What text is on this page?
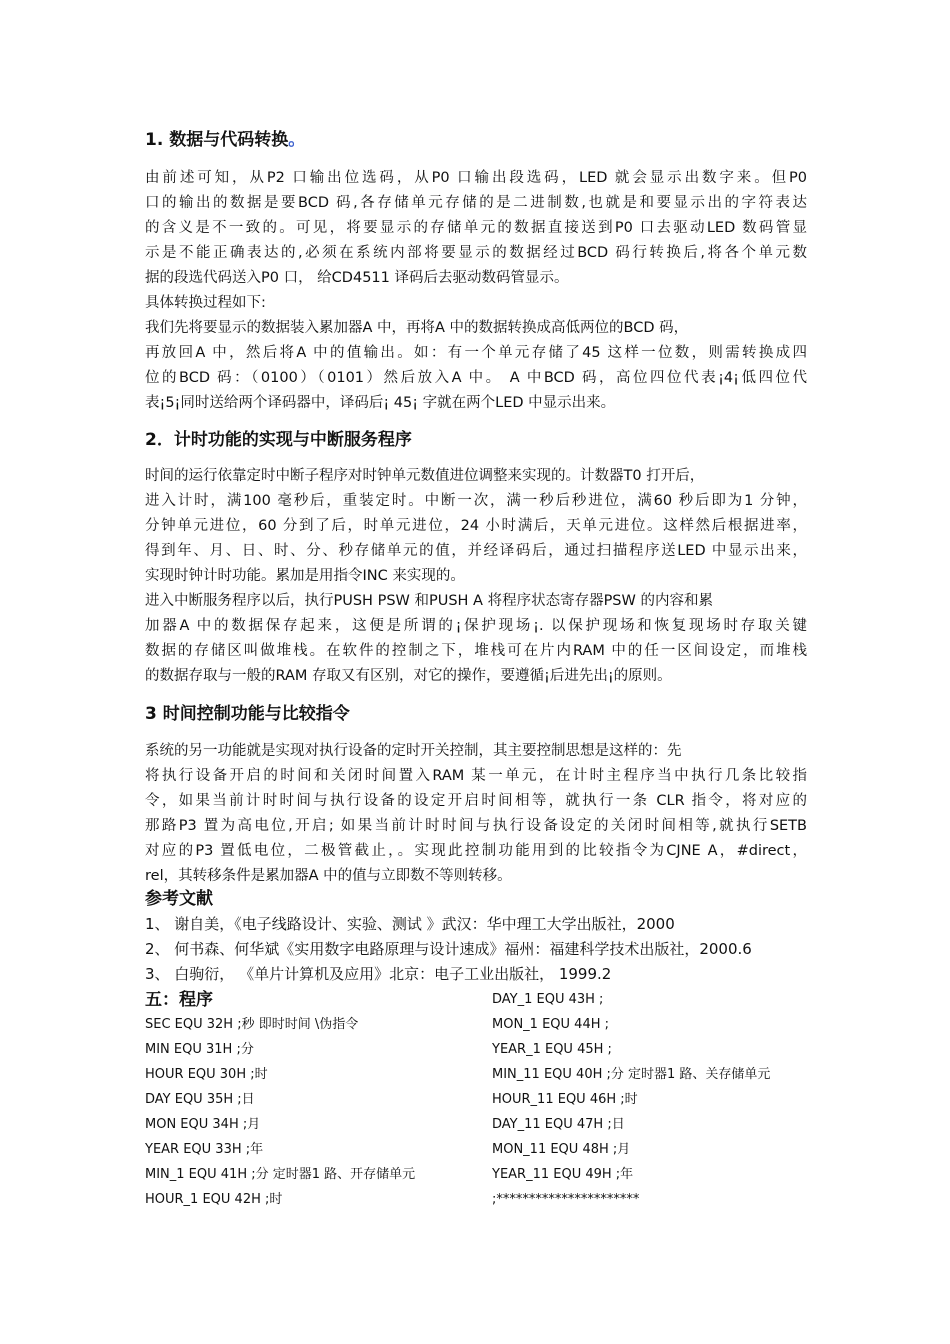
1. 数据与代码转换。
由前述可知，从P2 口输出位选码，从P0 口输出段选码，LED 就会显示出数字来。但P0
口的输出的数据是要BCD 码,各存储单元存储的是二进制数,也就是和要显示出的字符表达
的含义是不一致的。可见，将要显示的存储单元的数据直接送到P0 口去驱动LED 数码管显
示是不能正确表达的,必须在系统内部将要显示的数据经过BCD 码行转换后,将各个单元数
据的段选代码送入P0 口， 给CD4511 译码后去驱动数码管显示。
具体转换过程如下:
我们先将要显示的数据装入累加器A 中，再将A 中的数据转换成高低两位的BCD 码，
再放回A 中，然后将A 中的值输出。如：有一个单元存储了45 这样一位数，则需转换成四
位的BCD 码：（0100）（0101）然后放入A 中。 A 中BCD 码，高位四位代表¡4¡低四位代
表¡5¡同时送给两个译码器中，译码后¡ 45¡ 字就在两个LED 中显示出来。
2．计时功能的实现与中断服务程序
时间的运行依靠定时中断子程序对时钟单元数值进位调整来实现的。计数器T0 打开后，
进入计时，满100 毫秒后，重装定时。中断一次，满一秒后秒进位，满60 秒后即为1 分钟，
分钟单元进位，60 分到了后，时单元进位，24 小时满后，天单元进位。这样然后根据进率，
得到年、月、日、时、分、秒存储单元的值，并经译码后，通过扫描程序送LED 中显示出来，
实现时钟计时功能。累加是用指令INC 来实现的。
进入中断服务程序以后，执行PUSH PSW 和PUSH A 将程序状态寄存器PSW 的内容和累
加器A 中的数据保存起来，这便是所谓的¡保护现场¡. 以保护现场和恢复现场时存取关键
数据的存储区叫做堆栈。在软件的控制之下，堆栈可在片内RAM 中的任一区间设定，而堆栈
的数据存取与一般的RAM 存取又有区别，对它的操作，要遵循¡后进先出¡的原则。
3 时间控制功能与比较指令
系统的另一功能就是实现对执行设备的定时开关控制，其主要控制思想是这样的：先
将执行设备开启的时间和关闭时间置入RAM 某一单元，在计时主程序当中执行几条比较指
令，如果当前计时时间与执行设备的设定开启时间相等，就执行一条 CLR 指令，将对应的
那路P3 置为高电位,开启; 如果当前计时时间与执行设备设定的关闭时间相等,就执行SETB
对应的P3 置低电位，二极管截止，。实现此控制功能用到的比较指令为CJNE A，#direct，
rel，其转移条件是累加器A 中的值与立即数不等则转移。
参考文献
1、 谢自美，《电子线路设计、实验、测试 》武汉：华中理工大学出版社，2000
2、 何书森、何华斌《实用数字电路原理与设计速成》福州：福建科学技术出版社，2000.6
3、 白驹衍， 《单片计算机及应用》北京：电子工业出版社， 1999.2
五：程序
SEC EQU 32H ;秒 即时时间 \伪指令
MIN EQU 31H ;分
HOUR EQU 30H ;时
DAY EQU 35H ;日
MON EQU 34H ;月
YEAR EQU 33H ;年
MIN_1 EQU 41H ;分 定时器1 路、开存储单元
HOUR_1 EQU 42H ;时
DAY_1 EQU 43H ;
MON_1 EQU 44H ;
YEAR_1 EQU 45H ;
MIN_11 EQU 40H ;分 定时器1 路、关存储单元
HOUR_11 EQU 46H ;时
DAY_11 EQU 47H ;日
MON_11 EQU 48H ;月
YEAR_11 EQU 49H ;年
;**********************
